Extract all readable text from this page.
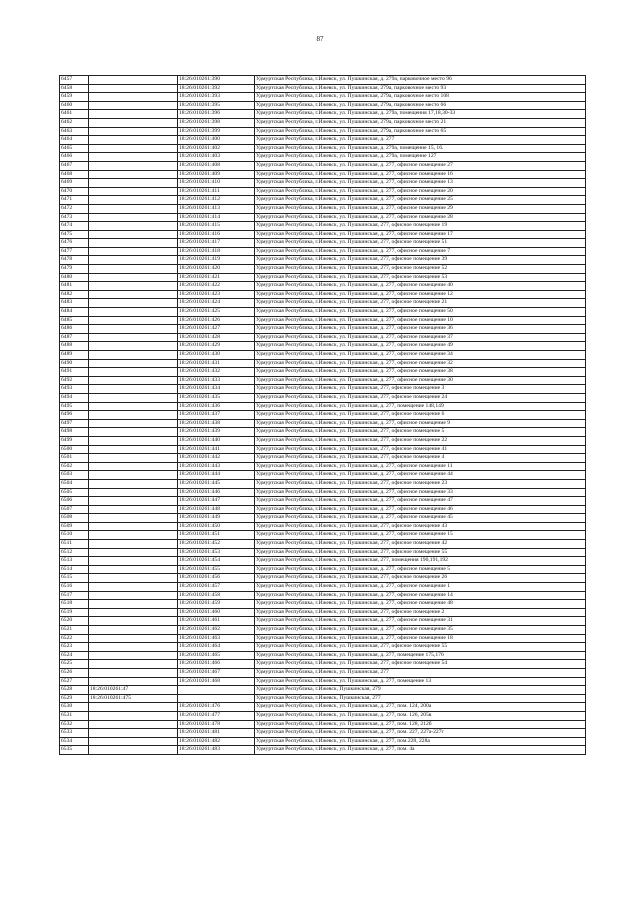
87
6457		18:26:010261:390	Удмуртская Республика, г.Ижевск, ул. Пушкинская, д. 279а, парковочное место 96
6458		18:26:010261:392	Удмуртская Республика, г.Ижевск, ул. Пушкинская, 279а, парковочное место 93
6459		18:26:010261:393	Удмуртская Республика, г.Ижевск, ул. Пушкинская, 279а, парковочное место 108
6460		18:26:010261:395	Удмуртская Республика, г.Ижевск, ул. Пушкинская, 279а, парковочное место 66
6461		18:26:010261:396	Удмуртская Республика, г.Ижевск, ул. Пушкинская, д. 279а, помещения 17,18,30-33
6462		18:26:010261:398	Удмуртская Республика, г.Ижевск, ул. Пушкинская, 279а, парковочное место 21
6463		18:26:010261:399	Удмуртская Республика, г.Ижевск, ул. Пушкинская, 279а, парковочное место 65
6464		18:26:010261:400	Удмуртская Республика, г.Ижевск, ул. Пушкинская, д. 277
6465		18:26:010261:402	Удмуртская Республика, г.Ижевск, ул. Пушкинская, д. 279а, помещение 15, 16.
6466		18:26:010261:403	Удмуртская Республика, г.Ижевск, ул. Пушкинская, д. 279а, помещение 127
6467		18:26:010261:408	Удмуртская Республика, г.Ижевск, ул. Пушкинская, д. 277, офисное помещение 27
6468		18:26:010261:409	Удмуртская Республика, г.Ижевск, ул. Пушкинская, д. 277, офисное помещение 16
6469		18:26:010261:410	Удмуртская Республика, г.Ижевск, ул. Пушкинская, д. 277, офисное помещение 13
6470		18:26:010261:411	Удмуртская Республика, г.Ижевск, ул. Пушкинская, д. 277, офисное помещение 20
6471		18:26:010261:412	Удмуртская Республика, г.Ижевск, ул. Пушкинская, д. 277, офисное помещение 25
6472		18:26:010261:413	Удмуртская Республика, г.Ижевск, ул. Пушкинская, д. 277, офисное помещение 29
6473		18:26:010261:414	Удмуртская Республика, г.Ижевск, ул. Пушкинская, д. 277, офисное помещение 28
6474		18:26:010261:415	Удмуртская Республика, г.Ижевск, ул. Пушкинская, 277, офисное помещение 19
6475		18:26:010261:416	Удмуртская Республика, г.Ижевск, ул. Пушкинская, д. 277, офисное помещение 17
6476		18:26:010261:417	Удмуртская Республика, г.Ижевск, ул. Пушкинская, 277, офисное помещение 51
6477		18:26:010261:418	Удмуртская Республика, г.Ижевск, ул. Пушкинская, д. 277, офисное помещение 7
6478		18:26:010261:419	Удмуртская Республика, г.Ижевск, ул. Пушкинская, 277, офисное помещение 39
6479		18:26:010261:420	Удмуртская Республика, г.Ижевск, ул. Пушкинская, 277, офисное помещение 52
6480		18:26:010261:421	Удмуртская Республика, г.Ижевск, ул. Пушкинская, 277, офисное помещение 53
6481		18:26:010261:422	Удмуртская Республика, г.Ижевск, ул. Пушкинская, д. 277, офисное помещение 40
6482		18:26:010261:423	Удмуртская Республика, г.Ижевск, ул. Пушкинская, д. 277, офисное помещение 12
6483		18:26:010261:424	Удмуртская Республика, г.Ижевск, ул. Пушкинская, 277, офисное помещение 21
6484		18:26:010261:425	Удмуртская Республика, г.Ижевск, ул. Пушкинская, д. 277, офисное помещение 50
6485		18:26:010261:426	Удмуртская Республика, г.Ижевск, ул. Пушкинская, д. 277, офисное помещение 10
6486		18:26:010261:427	Удмуртская Республика, г.Ижевск, ул. Пушкинская, д. 277, офисное помещение 36
6487		18:26:010261:428	Удмуртская Республика, г.Ижевск, ул. Пушкинская, д. 277, офисное помещение 37
6488		18:26:010261:429	Удмуртская Республика, г.Ижевск, ул. Пушкинская, д. 277, офисное помещение 49
6489		18:26:010261:430	Удмуртская Республика, г.Ижевск, ул. Пушкинская, д. 277, офисное помещение 34
6490		18:26:010261:431	Удмуртская Республика, г.Ижевск, ул. Пушкинская, д. 277, офисное помещение 32
6491		18:26:010261:432	Удмуртская Республика, г.Ижевск, ул. Пушкинская, д. 277, офисное помещение 38
6492		18:26:010261:433	Удмуртская Республика, г.Ижевск, ул. Пушкинская, д. 277, офисное помещение 30
6493		18:26:010261:434	Удмуртская Республика, г.Ижевск, ул. Пушкинская, 277, офисное помещение 3
6494		18:26:010261:435	Удмуртская Республика, г.Ижевск, ул. Пушкинская, 277, офисное помещение 24
6495		18:26:010261:436	Удмуртская Республика, г.Ижевск, ул. Пушкинская, д. 277, помещение 148,149
6496		18:26:010261:437	Удмуртская Республика, г.Ижевск, ул. Пушкинская, 277, офисное помещение 6
6497		18:26:010261:438	Удмуртская Республика, г.Ижевск, ул. Пушкинская, д. 277, офисное помещение 9
6498		18:26:010261:439	Удмуртская Республика, г.Ижевск, ул. Пушкинская, 277, офисное помещение 5
6499		18:26:010261:440	Удмуртская Республика, г.Ижевск, ул. Пушкинская, 277, офисное помещение 22
6500		18:26:010261:441	Удмуртская Республика, г.Ижевск, ул. Пушкинская, 277, офисное помещение 41
6501		18:26:010261:442	Удмуртская Республика, г.Ижевск, ул. Пушкинская, 277, офисное помещение 4
6502		18:26:010261:443	Удмуртская Республика, г.Ижевск, ул. Пушкинская, д. 277, офисное помещение 11
6503		18:26:010261:444	Удмуртская Республика, г.Ижевск, ул. Пушкинская, д. 277, офисное помещение 44
6504		18:26:010261:445	Удмуртская Республика, г.Ижевск, ул. Пушкинская, 277, офисное помещение 23
6505		18:26:010261:446	Удмуртская Республика, г.Ижевск, ул. Пушкинская, д. 277, офисное помещение 33
6506		18:26:010261:447	Удмуртская Республика, г.Ижевск, ул. Пушкинская, д. 277, офисное помещение 47
6507		18:26:010261:448	Удмуртская Республика, г.Ижевск, ул. Пушкинская, д. 277, офисное помещение 46
6508		18:26:010261:449	Удмуртская Республика, г.Ижевск, ул. Пушкинская, д. 277, офисное помещение 45
6509		18:26:010261:450	Удмуртская Республика, г.Ижевск, ул. Пушкинская, 277, офисное помещение 43
6510		18:26:010261:451	Удмуртская Республика, г.Ижевск, ул. Пушкинская, д. 277, офисное помещение 15
6511		18:26:010261:452	Удмуртская Республика, г.Ижевск, ул. Пушкинская, 277, офисное помещение 42
6512		18:26:010261:453	Удмуртская Республика, г.Ижевск, ул. Пушкинская, 277, офисное помещение 55
6513		18:26:010261:454	Удмуртская Республика, г.Ижевск, ул. Пушкинская, 277, помещения 190,191,192
6514		18:26:010261:455	Удмуртская Республика, г.Ижевск, ул. Пушкинская, д. 277, офисное помещение 5
6515		18:26:010261:456	Удмуртская Республика, г.Ижевск, ул. Пушкинская, 277, офисное помещение 26
6516		18:26:010261:457	Удмуртская Республика, г.Ижевск, ул. Пушкинская, д. 277, офисное помещение 1
6517		18:26:010261:458	Удмуртская Республика, г.Ижевск, ул. Пушкинская, д. 277, офисное помещение 14
6518		18:26:010261:459	Удмуртская Республика, г.Ижевск, ул. Пушкинская, д. 277, офисное помещение 48
6519		18:26:010261:460	Удмуртская Республика, г.Ижевск, ул. Пушкинская, 277, офисное помещение 2
6520		18:26:010261:461	Удмуртская Республика, г.Ижевск, ул. Пушкинская, д. 277, офисное помещение 31
6521		18:26:010261:462	Удмуртская Республика, г.Ижевск, ул. Пушкинская, д. 277, офисное помещение 35
6522		18:26:010261:463	Удмуртская Республика, г.Ижевск, ул. Пушкинская, д. 277, офисное помещение 18
6523		18:26:010261:464	Удмуртская Республика, г.Ижевск, ул. Пушкинская, 277, офисное помещение 55
6524		18:26:010261:465	Удмуртская Республика, г.Ижевск, ул. Пушкинская, д. 277, помещение 175,176
6525		18:26:010261:466	Удмуртская Республика, г.Ижевск, ул. Пушкинская, 277, офисное помещение 54
6526		18:26:010261:467	Удмуртская Республика, г.Ижевск, ул. Пушкинская, 277
6527		18:26:010261:468	Удмуртская Республика, г.Ижевск, ул. Пушкинская, д. 277, помещение 13
6528	18:26:010261:47		Удмуртская Республика, г.Ижевск, Пушкинская, 279
6529	18:26:010261:475		Удмуртская Республика, г.Ижевск, Пушкинская, 277
6530		18:26:010261:476	Удмуртская Республика, г.Ижевск, ул. Пушкинская, д. 277, пом. 124, 200а
6531		18:26:010261:477	Удмуртская Республика, г.Ижевск, ул. Пушкинская, д. 277, пом. 126, 205в
6532		18:26:010261:478	Удмуртская Республика, г.Ижевск, ул. Пушкинская, д. 277, пом. 128, 212б
6533		18:26:010261:481	Удмуртская Республика, г.Ижевск, ул. Пушкинская, д. 277, пом. 227, 227а-227г
6534		18:26:010261:482	Удмуртская Республика, г.Ижевск, ул. Пушкинская, д. 277, пом.228, 228а
6535		18:26:010261:483	Удмуртская Республика, г.Ижевск, ул. Пушкинская, д. 277, пом. 4а
